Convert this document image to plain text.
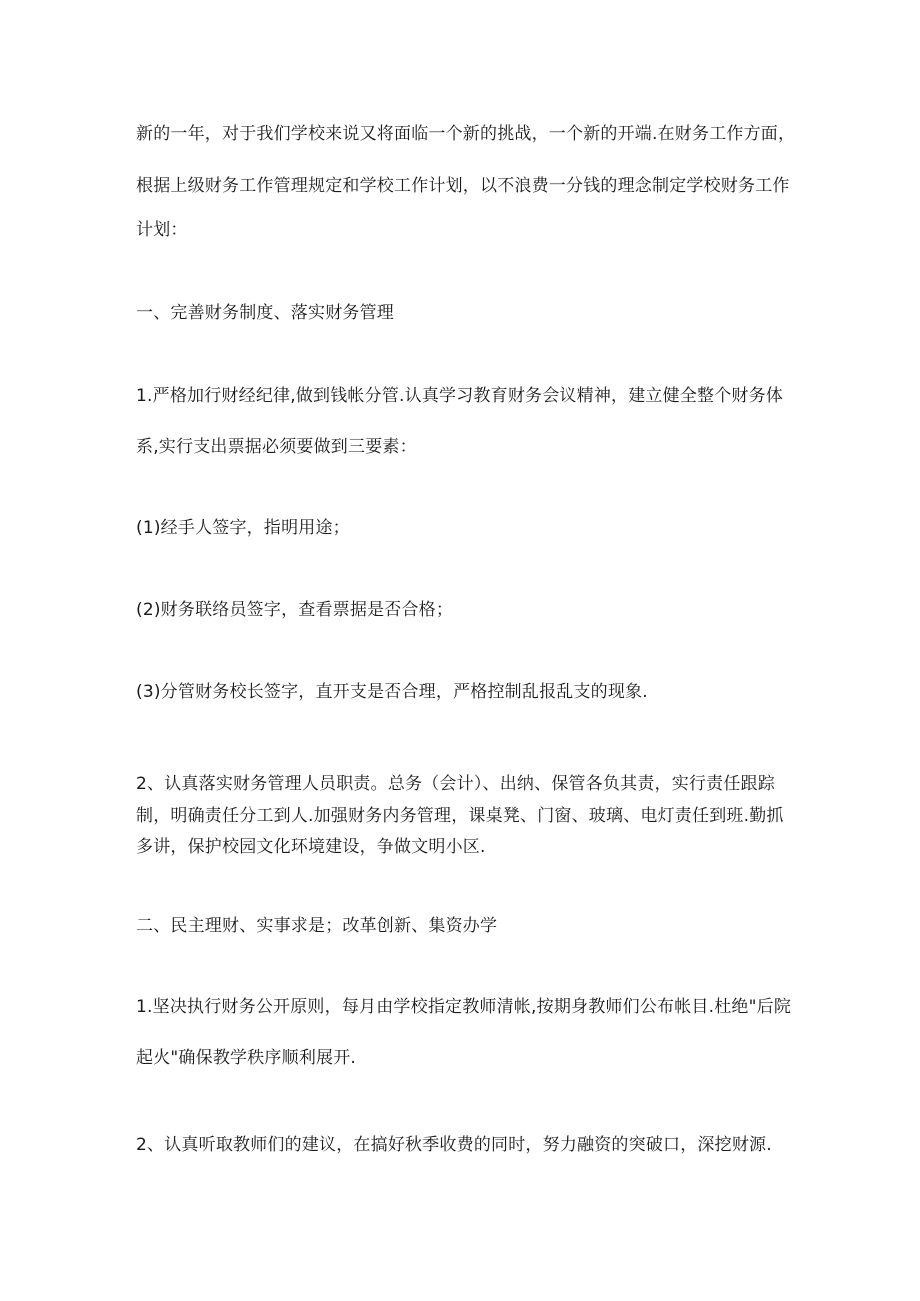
新的一年，对于我们学校来说又将面临一个新的挑战，一个新的开端.在财务工作方面，
根据上级财务工作管理规定和学校工作计划，以不浪费一分钱的理念制定学校财务工作
计划：
一、完善财务制度、落实财务管理
1.严格加行财经纪律,做到钱帐分管.认真学习教育财务会议精神，建立健全整个财务体
系,实行支出票据必须要做到三要素：
(1)经手人签字，指明用途；
(2)财务联络员签字，查看票据是否合格；
(3)分管财务校长签字，直开支是否合理，严格控制乱报乱支的现象.
2、认真落实财务管理人员职责。总务（会计）、出纳、保管各负其责，实行责任跟踪
制，明确责任分工到人.加强财务内务管理，课桌凳、门窗、玻璃、电灯责任到班.勤抓
多讲，保护校园文化环境建设，争做文明小区.
二、民主理财、实事求是；改革创新、集资办学
1.坚决执行财务公开原则，每月由学校指定教师清帐,按期身教师们公布帐目.杜绝"后院
起火"确保教学秩序顺利展开.
2、认真听取教师们的建议，在搞好秋季收费的同时，努力融资的突破口，深挖财源.
